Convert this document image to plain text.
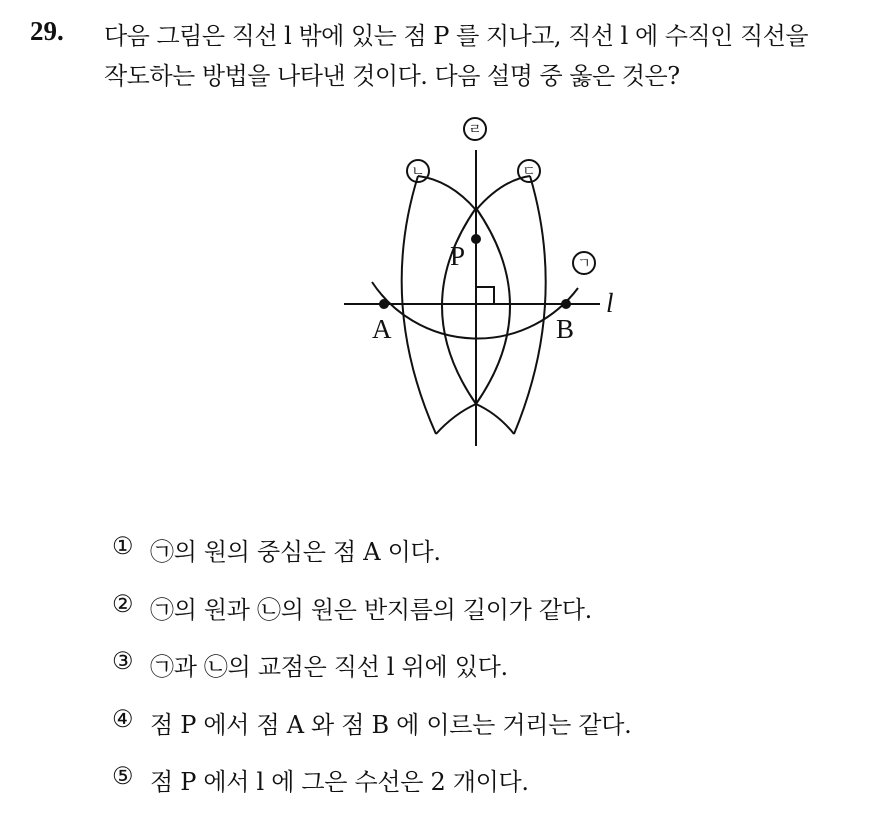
29. 다음 그림은 직선 l 밖에 있는 점 P 를 지나고, 직선 l 에 수직인 직선을
작도하는 방법을 나타낸 것이다. 다음 설명 중 옳은 것은?
A	B
P
l
ㄱ
ㄴ	ㄷ
ㄹ
① ㉠의 원의 중심은 점 A 이다.
② ㉠의 원과 ㉡의 원은 반지름의 길이가 같다.
③ ㉠과 ㉡의 교점은 직선 l 위에 있다.
④ 점 P 에서 점 A 와 점 B 에 이르는 거리는 같다.
⑤ 점 P 에서 l 에 그은 수선은 2 개이다.
